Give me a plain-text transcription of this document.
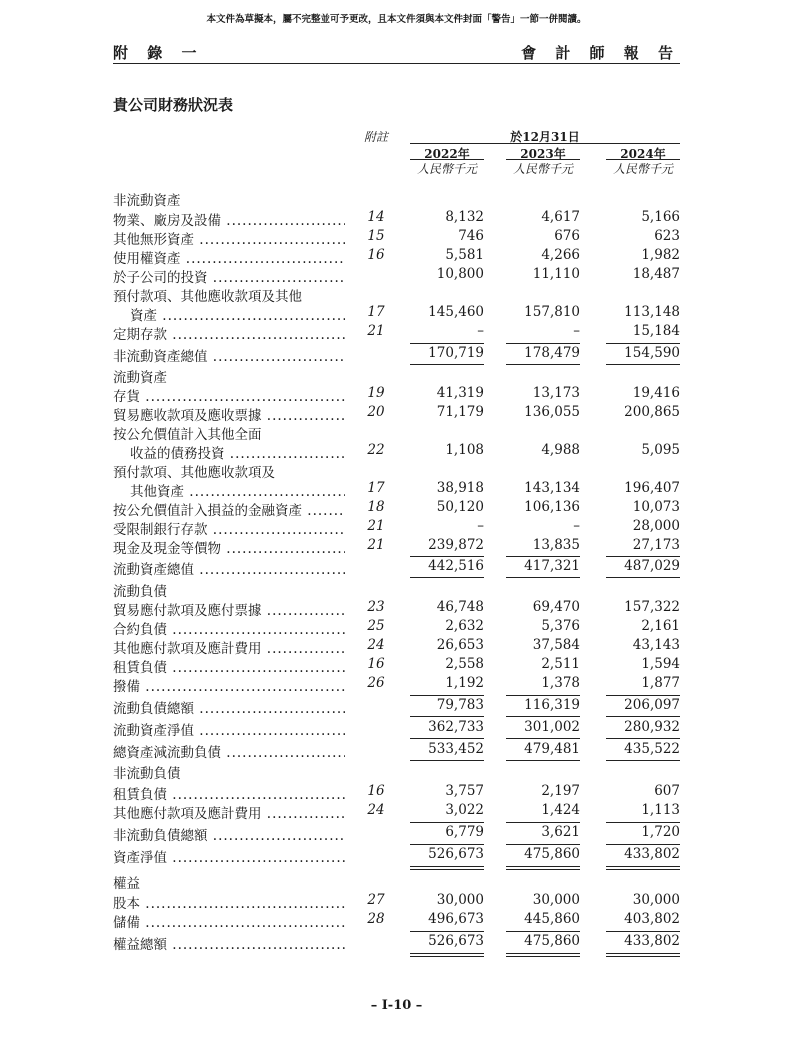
本文件為草擬本，屬不完整並可予更改，且本文件須與本文件封面「警告」一節一併閱讀。
附 錄 一	會 計 師 報 告
貴公司財務狀況表
附註	於12月31日
2022年	2023年	2024年
人民幣千元	人民幣千元	人民幣千元
非流動資產
物業、廠房及設備 .....	14	8,132	4,617	5,166
其他無形資產 .....	15	746	676	623
使用權資產 .....	16	5,581	4,266	1,982
於子公司的投資 .....	10,800	11,110	18,487
預付款項、其他應收款項及其他
資產 .....	17	145,460	157,810	113,148
定期存款 .....	21	–	–	15,184
非流動資產總值 .....	170,719	178,479	154,590
流動資產
存貨 .....	19	41,319	13,173	19,416
貿易應收款項及應收票據 .....	20	71,179	136,055	200,865
按公允價值計入其他全面
收益的債務投資 .....	22	1,108	4,988	5,095
預付款項、其他應收款項及
其他資產 .....	17	38,918	143,134	196,407
按公允價值計入損益的金融資產 .....	18	50,120	106,136	10,073
受限制銀行存款 .....	21	–	–	28,000
現金及現金等價物 .....	21	239,872	13,835	27,173
流動資產總值 .....	442,516	417,321	487,029
流動負債
貿易應付款項及應付票據 .....	23	46,748	69,470	157,322
合約負債 .....	25	2,632	5,376	2,161
其他應付款項及應計費用 .....	24	26,653	37,584	43,143
租賃負債 .....	16	2,558	2,511	1,594
撥備 .....	26	1,192	1,378	1,877
流動負債總額 .....	79,783	116,319	206,097
流動資產淨值 .....	362,733	301,002	280,932
總資產減流動負債 .....	533,452	479,481	435,522
非流動負債
租賃負債 .....	16	3,757	2,197	607
其他應付款項及應計費用 .....	24	3,022	1,424	1,113
非流動負債總額 .....	6,779	3,621	1,720
資產淨值 .....	526,673	475,860	433,802
權益
股本 .....	27	30,000	30,000	30,000
儲備 .....	28	496,673	445,860	403,802
權益總額 .....	526,673	475,860	433,802
– I-10 –
